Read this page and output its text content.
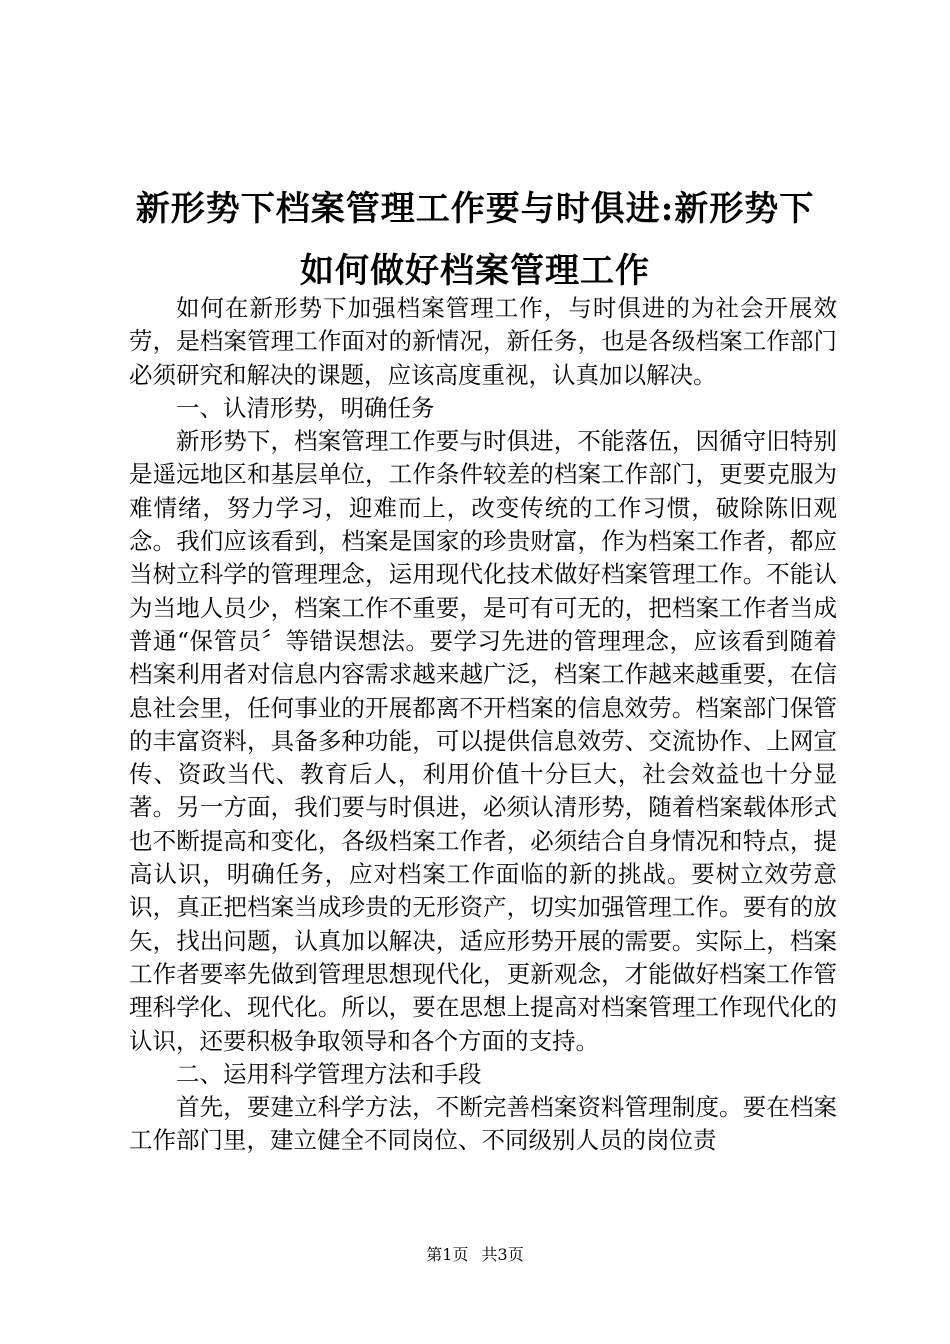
新形势下档案管理工作要与时俱进:新形势下
如何做好档案管理工作

如何在新形势下加强档案管理工作，与时俱进的为社会开展效劳，是档案管理工作面对的新情况，新任务，也是各级档案工作部门必须研究和解决的课题，应该高度重视，认真加以解决。

一、认清形势，明确任务

新形势下，档案管理工作要与时俱进，不能落伍，因循守旧特别是遥远地区和基层单位，工作条件较差的档案工作部门，更要克服为难情绪，努力学习，迎难而上，改变传统的工作习惯，破除陈旧观念。我们应该看到，档案是国家的珍贵财富，作为档案工作者，都应当树立科学的管理理念，运用现代化技术做好档案管理工作。不能认为当地人员少，档案工作不重要，是可有可无的，把档案工作者当成普通“保管员〞等错误想法。要学习先进的管理理念，应该看到随着档案利用者对信息内容需求越来越广泛，档案工作越来越重要，在信息社会里，任何事业的开展都离不开档案的信息效劳。档案部门保管的丰富资料，具备多种功能，可以提供信息效劳、交流协作、上网宣传、资政当代、教育后人，利用价值十分巨大，社会效益也十分显著。另一方面，我们要与时俱进，必须认清形势，随着档案载体形式也不断提高和变化，各级档案工作者，必须结合自身情况和特点，提高认识，明确任务，应对档案工作面临的新的挑战。要树立效劳意识，真正把档案当成珍贵的无形资产，切实加强管理工作。要有的放矢，找出问题，认真加以解决，适应形势开展的需要。实际上，档案工作者要率先做到管理思想现代化，更新观念，才能做好档案工作管理科学化、现代化。所以，要在思想上提高对档案管理工作现代化的认识，还要积极争取领导和各个方面的支持。

二、运用科学管理方法和手段

首先，要建立科学方法，不断完善档案资料管理制度。要在档案工作部门里，建立健全不同岗位、不同级别人员的岗位责

第1页 共3页
